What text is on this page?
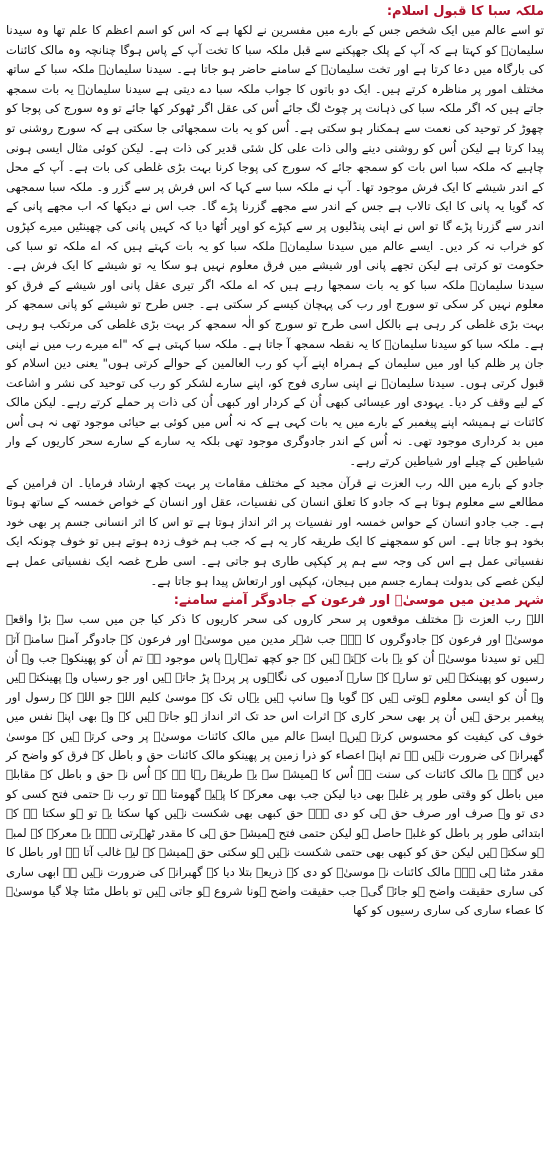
ملکہ سبا کا قبول اسلام:

تو اسے عالم میں ایک شخص جس کے بارے میں مفسرین نے لکھا ہے کہ اس کو اسم اعظم کا علم تھا وہ سیدنا سلیمانؑ کو کہتا ہے کہ آپ کے پلک جھپکنے سے قبل ملکہ سبا کا تخت آپ کے پاس ہوگا چنانچہ وہ مالک کائنات کی بارگاہ میں دعا کرتا ہے اور تخت سلیمانؑ کے سامنے حاضر ہو جاتا ہے۔ سیدنا سلیمانؑ ملکہ سبا کے ساتھ مختلف امور پر مناظرہ کرتے ہیں۔ ایک دو باتوں کا جواب ملکہ سبا دے دیتی ہے سیدنا سلیمانؑ یہ بات سمجھ جاتے ہیں کہ اگر ملکہ سبا کی ذہانت پر چوٹ لگ جائے اُس کی عقل اگر ٹھوکر کھا جائے تو وہ سورج کی پوجا کو چھوڑ کر توحید کی نعمت سے ہمکنار ہو سکتی ہے۔ اُس کو یہ بات سمجھائی جا سکتی ہے کہ سورج روشنی تو پیدا کرتا ہے لیکن اُس کو روشنی دینے والی ذات علی کل شئی قدیر کی ذات ہے۔ لیکن کوئی مثال ایسی ہونی چاہیے کہ ملکہ سبا اس بات کو سمجھ جائے کہ سورج کی پوجا کرنا بہت بڑی غلطی کی بات ہے۔ آپ کے محل کے اندر شیشے کا ایک فرش موجود تھا۔ آپ نے ملکہ سبا سے کہا کہ اس فرش پر سے گزر و۔ ملکہ سبا سمجھی کہ گویا یہ پانی کا ایک تالاب ہے جس کے اندر سے مجھے گزرنا پڑے گا۔ جب اس نے دیکھا کہ اب مجھے پانی کے اندر سے گزرنا پڑے گا تو اس نے اپنی پنڈلیوں پر سے کپڑے کو اوپر اُٹھا دیا کہ کہیں پانی کی چھینٹیں میرے کپڑوں کو خراب نہ کر دیں۔ ایسے عالم میں سیدنا سلیمانؑ ملکہ سبا کو یہ بات کہتے ہیں کہ اے ملکہ تو سبا کی حکومت تو کرتی ہے لیکن تجھے پانی اور شیشے میں فرق معلوم نہیں ہو سکا یہ تو شیشے کا ایک فرش ہے۔ سیدنا سلیمانؑ ملکہ سبا کو یہ بات سمجھا رہے ہیں کہ اے ملکہ اگر تیری عقل پانی اور شیشے کے فرق کو معلوم نہیں کر سکی تو سورج اور رب کی پہچان کیسے کر سکتی ہے۔ جس طرح تو شیشے کو پانی سمجھ کر بہت بڑی غلطی کر رہی ہے بالکل اسی طرح تو سورج کو الٰہ سمجھ کر بہت بڑی غلطی کی مرتکب ہو رہی ہے۔ ملکہ سبا کو سیدنا سلیمانؑ کا یہ نقطہ سمجھ آ جاتا ہے۔ ملکہ سبا کہتی ہے کہ "اے میرے رب میں نے اپنی جان پر ظلم کیا اور میں سلیمان کے ہمراہ اپنے آپ کو رب العالمین کے حوالے کرتی ہوں" یعنی دین اسلام کو قبول کرتی ہوں۔ سیدنا سلیمانؑ نے اپنی ساری فوج کو، اپنے سارے لشکر کو رب کی توحید کی نشر و اشاعت کے لیے وقف کر دیا۔ یہودی اور عیسائی کبھی اُن کے کردار اور کبھی اُن کی ذات پر حملے کرتے رہے۔ لیکن مالک کائنات نے ہمیشہ اپنے پیغمبر کے بارے میں یہ بات کہی ہے کہ نہ اُس میں کوئی بے حیائی موجود تھی نہ ہی اُس میں بد کرداری موجود تھی۔ نہ اُس کے اندر جادوگری موجود تھی بلکہ یہ سارے کے سارے سحر کاریوں کے وار شیاطین کے چیلے اور شیاطین کرتے رہے۔

جادو کے بارے میں اللہ رب العزت نے قرآن مجید کے مختلف مقامات پر بہت کچھ ارشاد فرمایا۔ ان فرامین کے مطالعے سے معلوم ہوتا ہے کہ جادو کا تعلق انسان کی نفسیات، عقل اور انسان کے خواص خمسہ کے ساتھ ہوتا ہے۔ جب جادو انسان کے حواس خمسہ اور نفسیات پر اثر انداز ہوتا ہے تو اس کا اثر انسانی جسم پر بھی خود بخود ہو جاتا ہے۔ اس کو سمجھنے کا ایک طریقہ کار یہ ہے کہ جب ہم خوف زدہ ہوتے ہیں تو خوف چونکہ ایک نفسیاتی عمل ہے اس کی وجہ سے ہم پر کپکپی طاری ہو جاتی ہے۔ اسی طرح غصہ ایک نفسیاتی عمل ہے لیکن غصے کی بدولت ہمارے جسم میں ہیجان، کپکپی اور ارتعاش پیدا ہو جاتا ہے۔

شہر مدین میں موسیٰؑ اور فرعون کے جادوگر آمنے سامنے:

اللہ رب العزت نے مختلف موقعوں پر سحر کاروں کی سحر کاریوں کا ذکر کیا جن میں سب سے بڑا واقعہ موسیٰؑ اور فرعون کے جادوگروں کا ہے۔ جب شہر مدین میں موسیٰؑ اور فرعون کے جادوگر آمنے سامنے آتے ہیں تو سیدنا موسیٰؑ اُن کو یہ بات کہتے ہیں کہ جو کچھ تمہارے پاس موجود ہے تم اُن کو پھینکو۔ جب وہ اُن رسیوں کو پھینکتے ہیں تو سارے کے سارے آدمیوں کی نگاہوں پر پردے پڑ جاتے ہیں اور جو رسیاں وہ پھینکتے ہیں وہ اُن کو ایسی معلوم ہوتی ہیں کہ گویا وہ سانپ ہیں یہاں تک کہ موسیٰ کلیم اللہ جو اللہ کے رسول اور پیغمبر برحق ہیں اُن پر بھی سحر کاری کے اثرات اس حد تک اثر انداز ہو جاتے ہیں کہ وہ بھی اپنے نفس میں خوف کی کیفیت کو محسوس کرتے ہیں۔ ایسے عالم میں مالک کائنات موسیٰؑ پر وحی کرتے ہیں کہ موسیٰ گھبرانے کی ضرورت نہیں ہے تم اپنے اعصاء کو ذرا زمین پر پھینکو مالک کائنات حق و باطل کے فرق کو واضح کر دیں گے۔ یہ مالک کائنات کی سنت ہے اُس کا ہمیشہ سے یہ طریقہ رہا ہے کہ اُس نے حق و باطل کے مقابلے میں باطل کو وقتی طور پر غلبہ بھی دیا لیکن جب بھی معرکے کا پہیہ گھومتا ہے تو رب نے حتمی فتح کسی کو دی تو وہ صرف اور صرف حق ہی کو دی ہے۔ حق کبھی بھی شکست نہیں کھا سکتا یہ تو ہو سکتا ہے کہ ابتدائی طور پر باطل کو غلبہ حاصل ہو لیکن حتمی فتح ہمیشہ حق ہی کا مقدر ٹھہرتی ہے۔ یہ معرکے کے لمبے ہو سکتے ہیں لیکن حق کو کبھی بھی حتمی شکست نہیں ہو سکتی حق ہمیشہ کے لیے غالب آتا ہے اور باطل کا مقدر مٹنا ہی ہے۔ مالک کائنات نے موسیٰؑ کو دی کے ذریعے بتلا دیا کہ گھبرانے کی ضرورت نہیں ہے ابھی ساری کی ساری حقیقت واضح ہو جائے گی۔ جب حقیقت واضح ہونا شروع ہو جاتی ہیں تو باطل مٹتا چلا گیا موسیٰؑ کا عصاء ساری کی ساری رسیوں کو کھا
